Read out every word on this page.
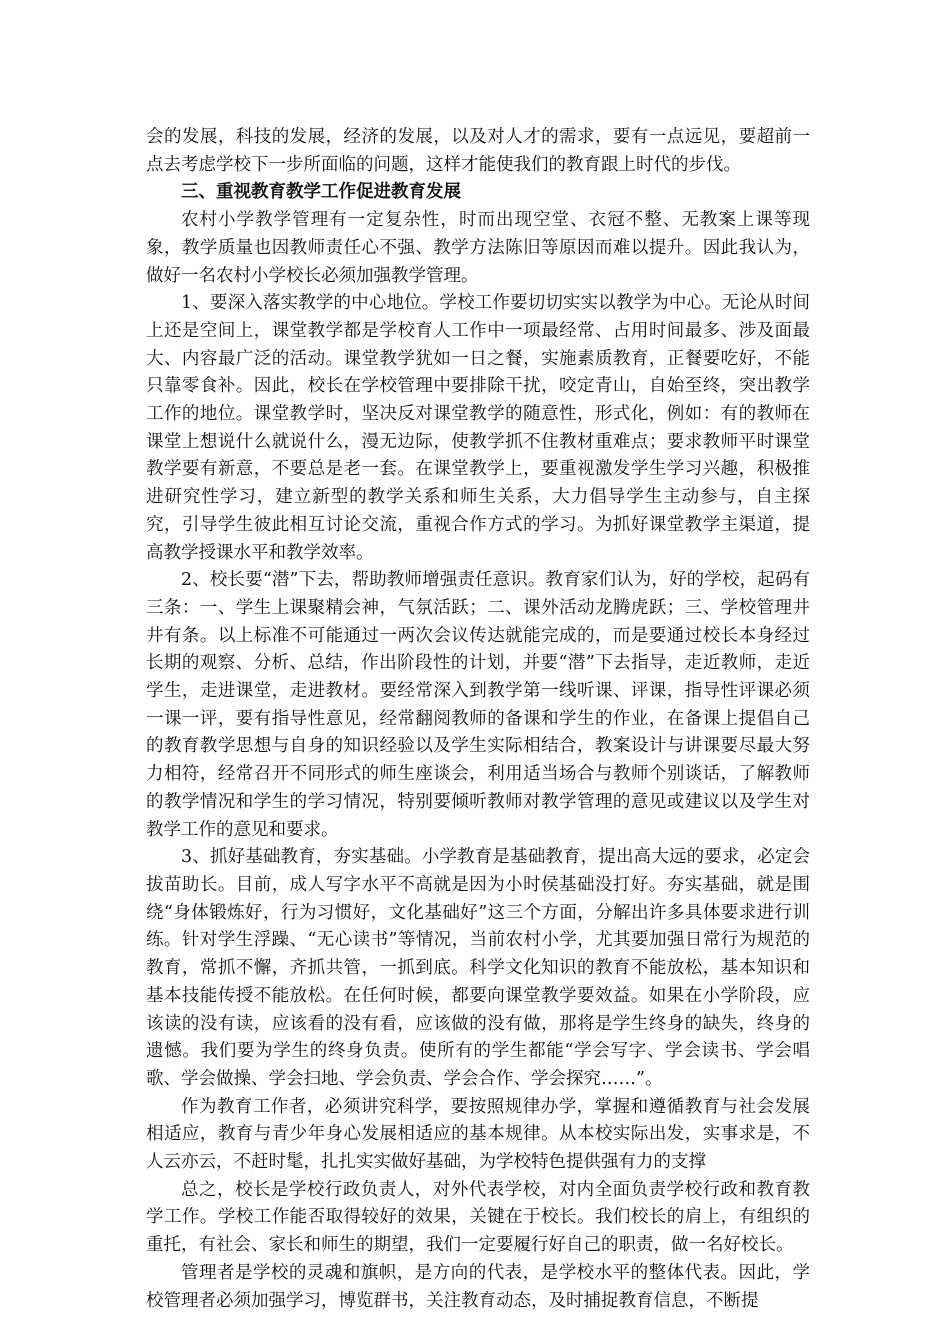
会的发展，科技的发展，经济的发展，以及对人才的需求，要有一点远见，要超前一点去考虑学校下一步所面临的问题，这样才能使我们的教育跟上时代的步伐。

三、重视教育教学工作促进教育发展

农村小学教学管理有一定复杂性，时而出现空堂、衣冠不整、无教案上课等现象，教学质量也因教师责任心不强、教学方法陈旧等原因而难以提升。因此我认为，做好一名农村小学校长必须加强教学管理。

1、要深入落实教学的中心地位。学校工作要切切实实以教学为中心。无论从时间上还是空间上，课堂教学都是学校育人工作中一项最经常、占用时间最多、涉及面最大、内容最广泛的活动。课堂教学犹如一日之餐，实施素质教育，正餐要吃好，不能只靠零食补。因此，校长在学校管理中要排除干扰，咬定青山，自始至终，突出教学工作的地位。课堂教学时，坚决反对课堂教学的随意性，形式化，例如：有的教师在课堂上想说什么就说什么，漫无边际，使教学抓不住教材重难点；要求教师平时课堂教学要有新意，不要总是老一套。在课堂教学上，要重视激发学生学习兴趣，积极推进研究性学习，建立新型的教学关系和师生关系，大力倡导学生主动参与，自主探究，引导学生彼此相互讨论交流，重视合作方式的学习。为抓好课堂教学主渠道，提高教学授课水平和教学效率。

2、校长要“潜”下去，帮助教师增强责任意识。教育家们认为，好的学校，起码有三条：一、学生上课聚精会神，气氛活跃；二、课外活动龙腾虎跃；三、学校管理井井有条。以上标准不可能通过一两次会议传达就能完成的，而是要通过校长本身经过长期的观察、分析、总结，作出阶段性的计划，并要“潜”下去指导，走近教师，走近学生，走进课堂，走进教材。要经常深入到教学第一线听课、评课，指导性评课必须一课一评，要有指导性意见，经常翻阅教师的备课和学生的作业，在备课上提倡自己的教育教学思想与自身的知识经验以及学生实际相结合，教案设计与讲课要尽最大努力相符，经常召开不同形式的师生座谈会，利用适当场合与教师个别谈话，了解教师的教学情况和学生的学习情况，特别要倾听教师对教学管理的意见或建议以及学生对教学工作的意见和要求。

3、抓好基础教育，夯实基础。小学教育是基础教育，提出高大远的要求，必定会拔苗助长。目前，成人写字水平不高就是因为小时侯基础没打好。夯实基础，就是围绕“身体锻炼好，行为习惯好，文化基础好”这三个方面，分解出许多具体要求进行训练。针对学生浮躁、“无心读书”等情况，当前农村小学，尤其要加强日常行为规范的教育，常抓不懈，齐抓共管，一抓到底。科学文化知识的教育不能放松，基本知识和基本技能传授不能放松。在任何时候，都要向课堂教学要效益。如果在小学阶段，应该读的没有读，应该看的没有看，应该做的没有做，那将是学生终身的缺失，终身的遗憾。我们要为学生的终身负责。使所有的学生都能“学会写字、学会读书、学会唱歌、学会做操、学会扫地、学会负责、学会合作、学会探究……”。

作为教育工作者，必须讲究科学，要按照规律办学，掌握和遵循教育与社会发展相适应，教育与青少年身心发展相适应的基本规律。从本校实际出发，实事求是，不人云亦云，不赶时髦，扎扎实实做好基础，为学校特色提供强有力的支撑

总之，校长是学校行政负责人，对外代表学校，对内全面负责学校行政和教育教学工作。学校工作能否取得较好的效果，关键在于校长。我们校长的肩上，有组织的重托，有社会、家长和师生的期望，我们一定要履行好自己的职责，做一名好校长。

管理者是学校的灵魂和旗帜，是方向的代表，是学校水平的整体代表。因此，学校管理者必须加强学习，博览群书，关注教育动态，及时捕捉教育信息，不断提
